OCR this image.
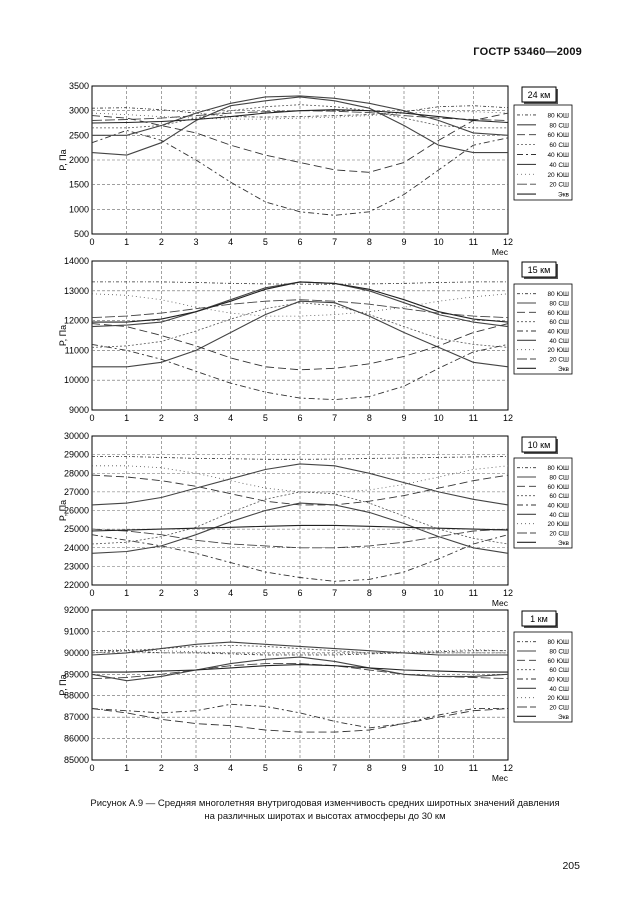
ГОСТР 53460—2009
0	1	2	3	4	5	6	7	8	9	10	11	12
500
1000
1500
2000
2500
3000
3500
P, Па
Мес
24 км
80 ЮШ
80 СШ
60 ЮШ
60 СШ
40 ЮШ
40 СШ
20 ЮШ
20 СШ
Экв
0	1	2	3	4	5	6	7	8	9	10	11	12
9000
10000
11000
12000
13000
14000
P, Па
15 км
80 ЮШ
80 СШ
60 ЮШ
60 СШ
40 ЮШ
40 СШ
20 ЮШ
20 СШ
Экв
0	1	2	3	4	5	6	7	8	9	10	11	12
22000
23000
24000
25000
26000
27000
28000
29000
30000
P, Па
Мес
10 км
80 ЮШ
80 СШ
60 ЮШ
60 СШ
40 ЮШ
40 СШ
20 ЮШ
20 СШ
Экв
0	1	2	3	4	5	6	7	8	9	10	11	12
85000
86000
87000
88000
89000
90000
91000
92000
P, Па
Мес
1 км
80 ЮШ
80 СШ
60 ЮШ
60 СШ
40 ЮШ
40 СШ
20 ЮШ
20 СШ
Экв
Рисунок А.9 — Средняя многолетняя внутригодовая изменчивость средних широтных значений давления
на различных широтах и высотах атмосферы до 30 км
205
